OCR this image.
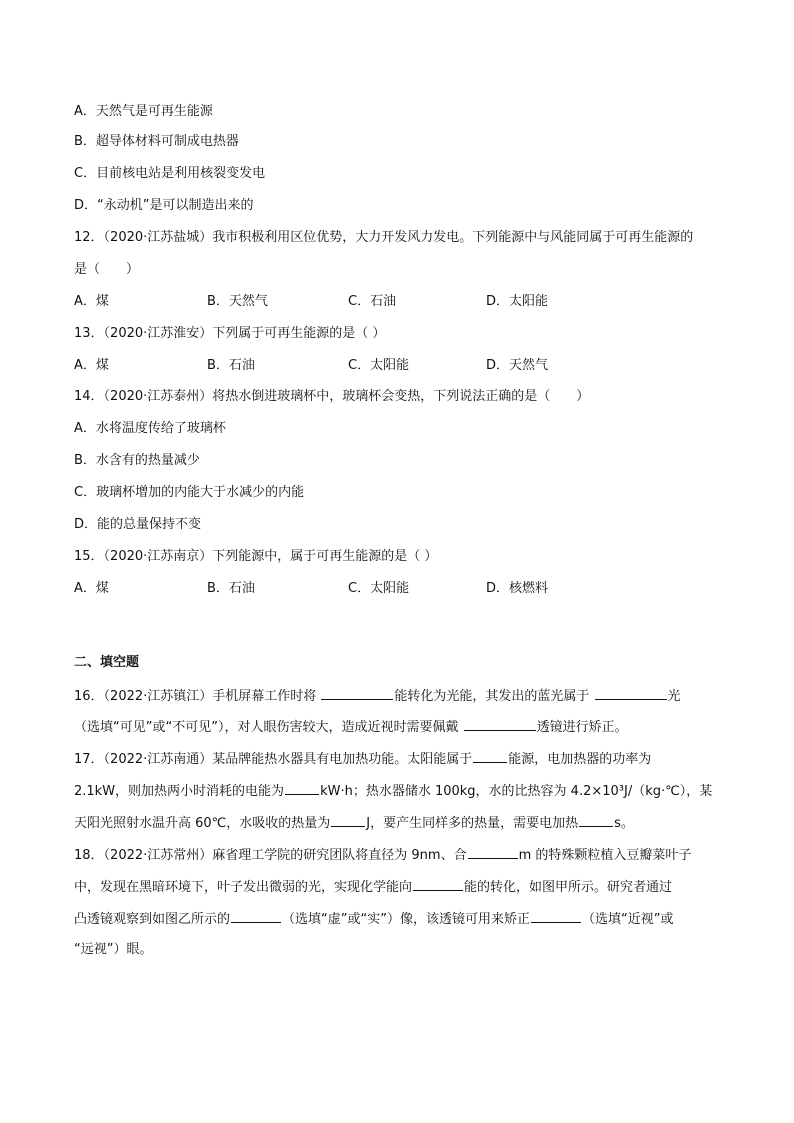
A．天然气是可再生能源
B．超导体材料可制成电热器
C．目前核电站是利用核裂变发电
D．“永动机”是可以制造出来的
12．（2020·江苏盐城）我市积极利用区位优势，大力开发风力发电。下列能源中与风能同属于可再生能源的
是（　　）
A．煤	B．天然气	C．石油	D．太阳能
13．（2020·江苏淮安）下列属于可再生能源的是（ ）
A．煤	B．石油	C．太阳能	D．天然气
14．（2020·江苏泰州）将热水倒进玻璃杯中，玻璃杯会变热，下列说法正确的是（　　）
A．水将温度传给了玻璃杯
B．水含有的热量减少
C．玻璃杯增加的内能大于水减少的内能
D．能的总量保持不变
15．（2020·江苏南京）下列能源中，属于可再生能源的是（ ）
A．煤	B．石油	C．太阳能	D．核燃料
二、填空题
16．（2022·江苏镇江）手机屏幕工作时将	能转化为光能，其发出的蓝光属于	光
（选填“可见”或“不可见”），对人眼伤害较大，造成近视时需要佩戴	透镜进行矫正。
17．（2022·江苏南通）某品牌能热水器具有电加热功能。太阳能属于	能源，电加热器的功率为
2.1kW，则加热两小时消耗的电能为	kW·h；热水器储水 100kg，水的比热容为 4.2×10³J/（kg·℃），某
天阳光照射水温升高 60℃，水吸收的热量为	J，要产生同样多的热量，需要电加热	s。
18．（2022·江苏常州）麻省理工学院的研究团队将直径为 9nm、合	m 的特殊颗粒植入豆瓣菜叶子
中，发现在黑暗环境下，叶子发出微弱的光，实现化学能向	能的转化，如图甲所示。研究者通过
凸透镜观察到如图乙所示的	（选填“虚”或“实”）像，该透镜可用来矫正	（选填“近视”或
“远视”）眼。
